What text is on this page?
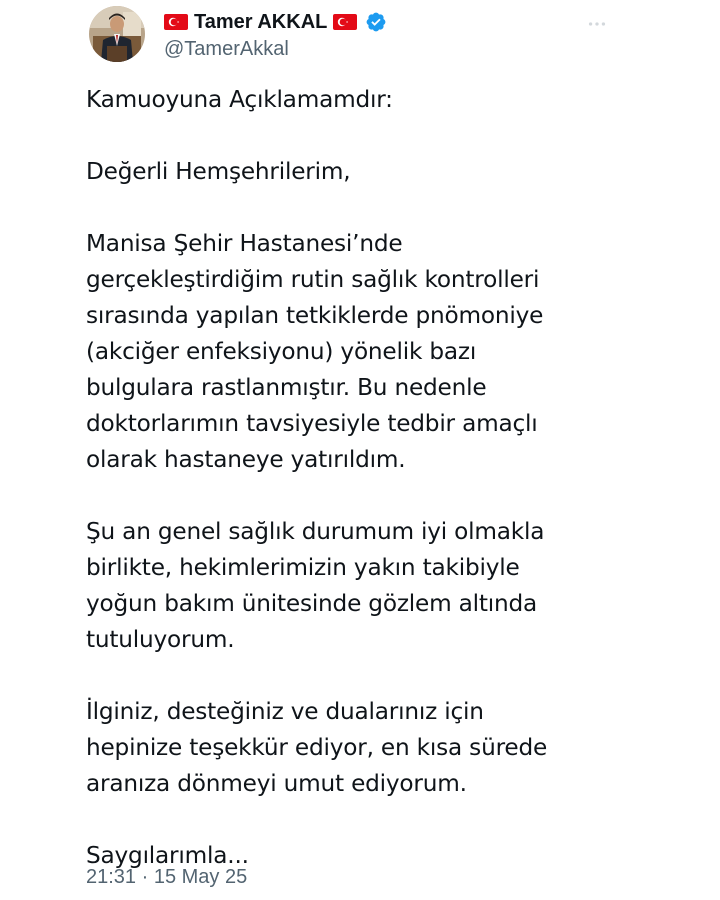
Tamer AKKAL
@TamerAkkal

Kamuoyuna Açıklamamdır:

Değerli Hemşehrilerim,

Manisa Şehir Hastanesi’nde
gerçekleştirdiğim rutin sağlık kontrolleri
sırasında yapılan tetkiklerde pnömoniye
(akciğer enfeksiyonu) yönelik bazı
bulgulara rastlanmıştır. Bu nedenle
doktorlarımın tavsiyesiyle tedbir amaçlı
olarak hastaneye yatırıldım.

Şu an genel sağlık durumum iyi olmakla
birlikte, hekimlerimizin yakın takibiyle
yoğun bakım ünitesinde gözlem altında
tutuluyorum.

İlginiz, desteğiniz ve dualarınız için
hepinize teşekkür ediyor, en kısa sürede
aranıza dönmeyi umut ediyorum.

Saygılarımla...

21:31 · 15 May 25
